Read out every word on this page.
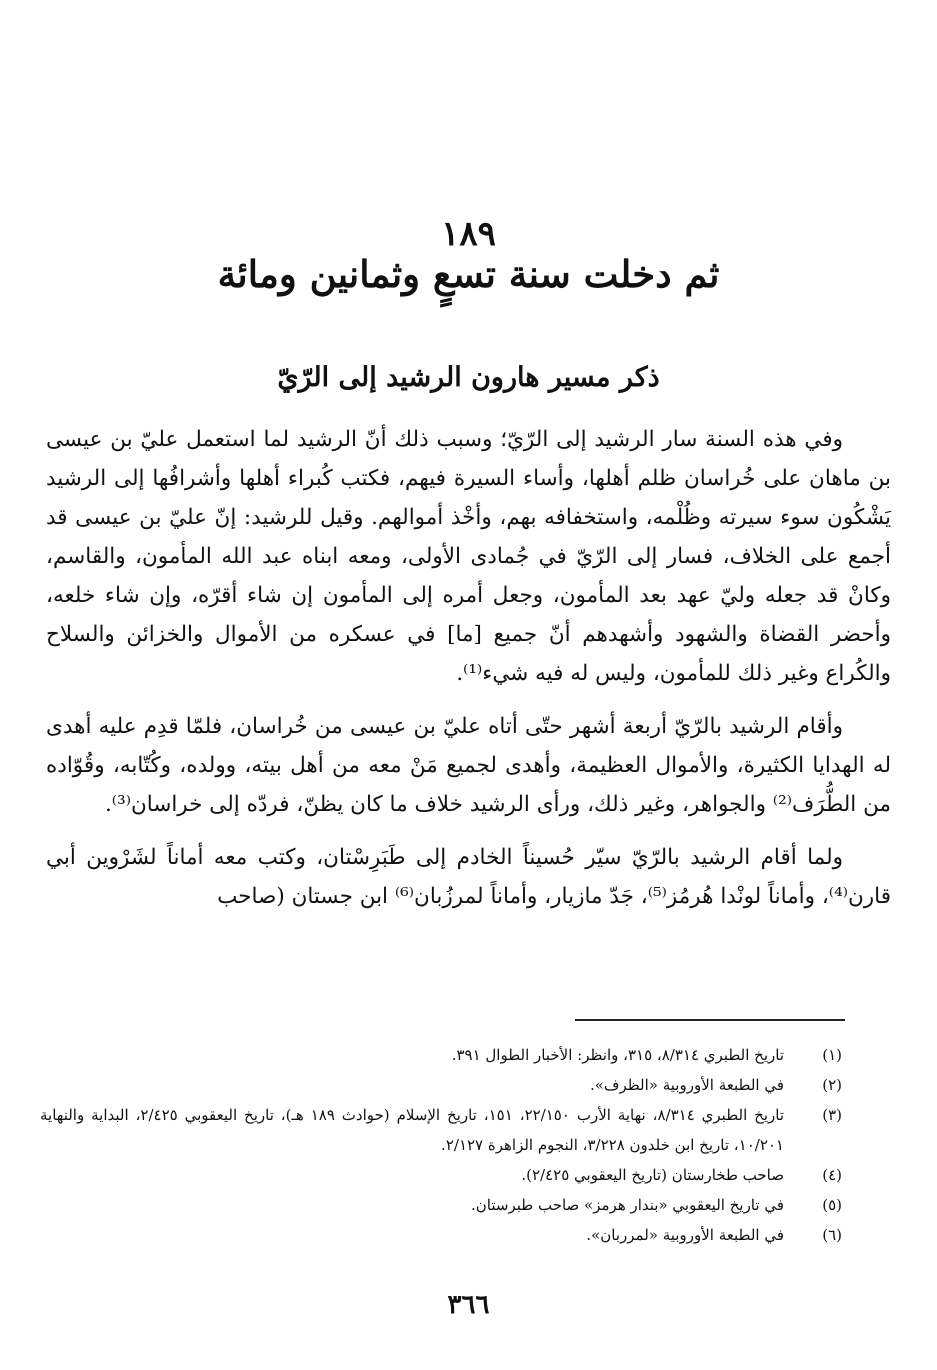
١٨٩
ثم دخلت سنة تسعٍ وثمانين ومائة
ذكر مسير هارون الرشيد إلى الرّيّ

وفي هذه السنة سار الرشيد إلى الرّيّ؛ وسبب ذلك أنّ الرشيد لما استعمل عليّ بن عيسى بن ماهان على خُراسان ظلم أهلها، وأساء السيرة فيهم، فكتب كُبراء أهلها وأشرافُها إلى الرشيد يَشْكُون سوء سيرته وظُلْمه، واستخفافه بهم، وأخْذ أموالهم. وقيل للرشيد: إنّ عليّ بن عيسى قد أجمع على الخلاف، فسار إلى الرّيّ في جُمادى الأولى، ومعه ابناه عبد الله المأمون، والقاسم، وكانْ قد جعله وليّ عهد بعد المأمون، وجعل أمره إلى المأمون إن شاء أقرّه، وإن شاء خلعه، وأحضر القضاة والشهود وأشهدهم أنّ جميع [ما] في عسكره من الأموال والخزائن والسلاح والكُراع وغير ذلك للمأمون، وليس له فيه شيء⁽¹⁾.

وأقام الرشيد بالرّيّ أربعة أشهر حتّى أتاه عليّ بن عيسى من خُراسان، فلمّا قدِم عليه أهدى له الهدايا الكثيرة، والأموال العظيمة، وأهدى لجميع مَنْ معه من أهل بيته، وولده، وكُتّابه، وقُوّاده من الطُّرَف⁽²⁾ والجواهر، وغير ذلك، ورأى الرشيد خلاف ما كان يظنّ، فردّه إلى خراسان⁽³⁾.

ولما أقام الرشيد بالرّيّ سيّر حُسيناً الخادم إلى طَبَرِسْتان، وكتب معه أماناً لشَرْوين أبي قارن⁽⁴⁾، وأماناً لونْدا هُرمُز⁽⁵⁾، جَدّ مازيار، وأماناً لمرزُبان⁽⁶⁾ ابن جستان (صاحب

(١)
تاريخ الطبري ٨/٣١٤، ٣١٥، وانظر: الأخبار الطوال ٣٩١.
(٢)
في الطبعة الأوروبية «الظرف».
(٣)
تاريخ الطبري ٨/٣١٤، نهاية الأرب ٢٢/١٥٠، ١٥١، تاريخ الإسلام (حوادث ١٨٩ هـ)، تاريخ اليعقوبي ٢/٤٢٥، البداية والنهاية ١٠/٢٠١، تاريخ ابن خلدون ٣/٢٢٨، النجوم الزاهرة ٢/١٢٧.
(٤)
صاحب طخارستان (تاريخ اليعقوبي ٢/٤٢٥).
(٥)
في تاريخ اليعقوبي «بندار هرمز» صاحب طبرستان.
(٦)
في الطبعة الأوروبية «لمرربان».
٣٦٦
